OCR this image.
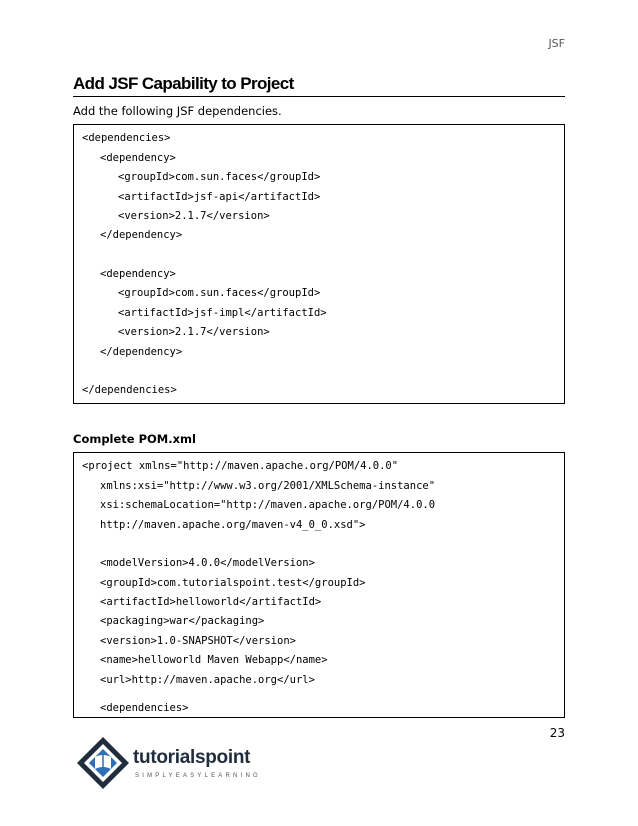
JSF
Add JSF Capability to Project
Add the following JSF dependencies.
<dependencies>
<dependency>
<groupId>com.sun.faces</groupId>
<artifactId>jsf-api</artifactId>
<version>2.1.7</version>
</dependency>
<dependency>
<groupId>com.sun.faces</groupId>
<artifactId>jsf-impl</artifactId>
<version>2.1.7</version>
</dependency>
</dependencies>
Complete POM.xml
<project xmlns="http://maven.apache.org/POM/4.0.0"
xmlns:xsi="http://www.w3.org/2001/XMLSchema-instance"
xsi:schemaLocation="http://maven.apache.org/POM/4.0.0
http://maven.apache.org/maven-v4_0_0.xsd">
<modelVersion>4.0.0</modelVersion>
<groupId>com.tutorialspoint.test</groupId>
<artifactId>helloworld</artifactId>
<packaging>war</packaging>
<version>1.0-SNAPSHOT</version>
<name>helloworld Maven Webapp</name>
<url>http://maven.apache.org</url>
<dependencies>
23
tutorialspoint
SIMPLYEASYLEARNING
